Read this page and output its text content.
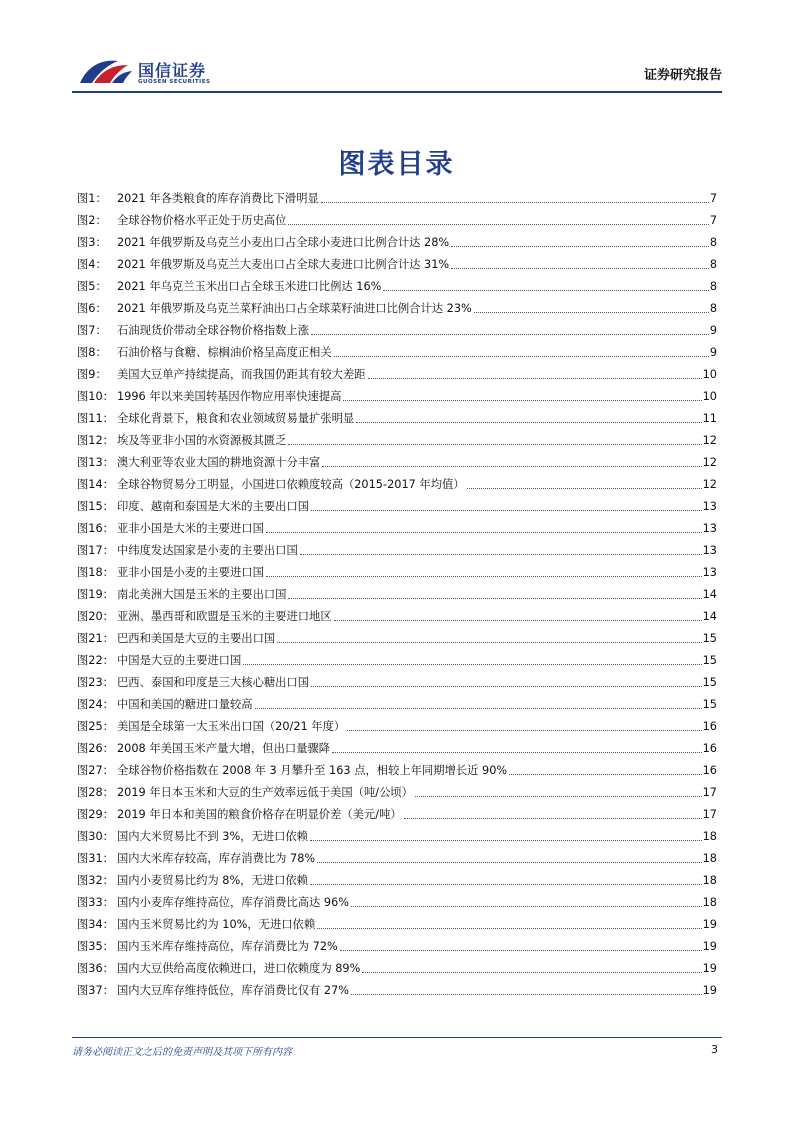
国信证券
GUOSEN SECURITIES	证券研究报告
图表目录
图1： 2021 年各类粮食的库存消费比下滑明显	7
图2： 全球谷物价格水平正处于历史高位	7
图3： 2021 年俄罗斯及乌克兰小麦出口占全球小麦进口比例合计达 28%	8
图4： 2021 年俄罗斯及乌克兰大麦出口占全球大麦进口比例合计达 31%	8
图5： 2021 年乌克兰玉米出口占全球玉米进口比例达 16%	8
图6： 2021 年俄罗斯及乌克兰菜籽油出口占全球菜籽油进口比例合计达 23%	8
图7： 石油现货价带动全球谷物价格指数上涨	9
图8： 石油价格与食糖、棕榈油价格呈高度正相关	9
图9： 美国大豆单产持续提高，而我国仍距其有较大差距	10
图10： 1996 年以来美国转基因作物应用率快速提高	10
图11： 全球化背景下，粮食和农业领域贸易量扩张明显	11
图12： 埃及等亚非小国的水资源极其匮乏	12
图13： 澳大利亚等农业大国的耕地资源十分丰富	12
图14： 全球谷物贸易分工明显，小国进口依赖度较高（2015-2017 年均值）	12
图15： 印度、越南和泰国是大米的主要出口国	13
图16： 亚非小国是大米的主要进口国	13
图17： 中纬度发达国家是小麦的主要出口国	13
图18： 亚非小国是小麦的主要进口国	13
图19： 南北美洲大国是玉米的主要出口国	14
图20： 亚洲、墨西哥和欧盟是玉米的主要进口地区	14
图21： 巴西和美国是大豆的主要出口国	15
图22： 中国是大豆的主要进口国	15
图23： 巴西、泰国和印度是三大核心糖出口国	15
图24： 中国和美国的糖进口量较高	15
图25： 美国是全球第一大玉米出口国（20/21 年度）	16
图26： 2008 年美国玉米产量大增，但出口量骤降	16
图27： 全球谷物价格指数在 2008 年 3 月攀升至 163 点，相较上年同期增长近 90%	16
图28： 2019 年日本玉米和大豆的生产效率远低于美国（吨/公顷）	17
图29： 2019 年日本和美国的粮食价格存在明显价差（美元/吨）	17
图30： 国内大米贸易比不到 3%，无进口依赖	18
图31： 国内大米库存较高，库存消费比为 78%	18
图32： 国内小麦贸易比约为 8%，无进口依赖	18
图33： 国内小麦库存维持高位，库存消费比高达 96%	18
图34： 国内玉米贸易比约为 10%，无进口依赖	19
图35： 国内玉米库存维持高位，库存消费比为 72%	19
图36： 国内大豆供给高度依赖进口，进口依赖度为 89%	19
图37： 国内大豆库存维持低位，库存消费比仅有 27%	19
请务必阅读正文之后的免责声明及其项下所有内容	3
